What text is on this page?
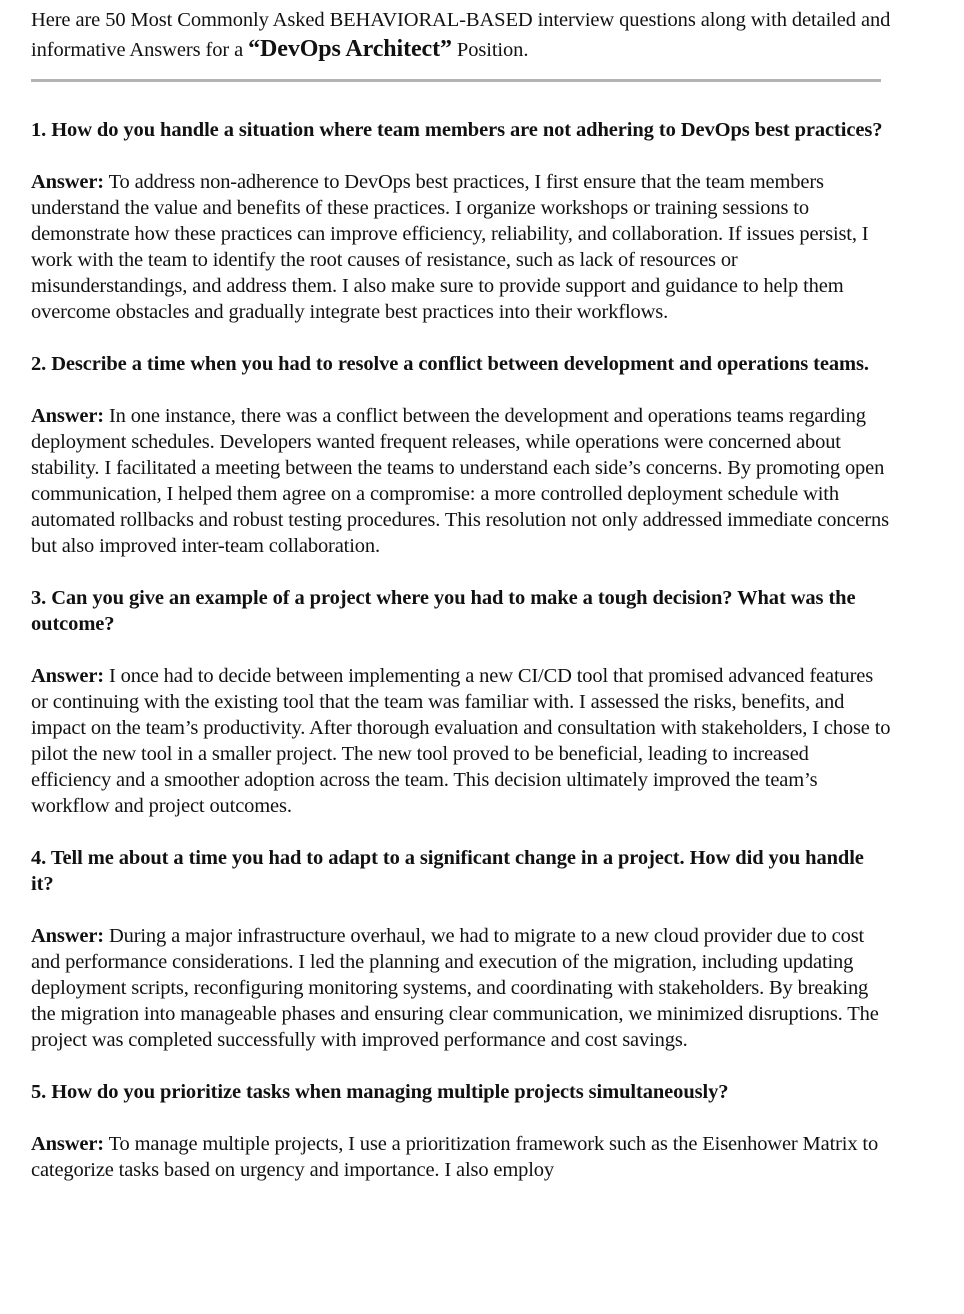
Here are 50 Most Commonly Asked BEHAVIORAL-BASED interview questions along with detailed and informative Answers for a “DevOps Architect” Position.

1. How do you handle a situation where team members are not adhering to DevOps best practices?

Answer: To address non-adherence to DevOps best practices, I first ensure that the team members understand the value and benefits of these practices. I organize workshops or training sessions to demonstrate how these practices can improve efficiency, reliability, and collaboration. If issues persist, I work with the team to identify the root causes of resistance, such as lack of resources or misunderstandings, and address them. I also make sure to provide support and guidance to help them overcome obstacles and gradually integrate best practices into their workflows.

2. Describe a time when you had to resolve a conflict between development and operations teams.

Answer: In one instance, there was a conflict between the development and operations teams regarding deployment schedules. Developers wanted frequent releases, while operations were concerned about stability. I facilitated a meeting between the teams to understand each side’s concerns. By promoting open communication, I helped them agree on a compromise: a more controlled deployment schedule with automated rollbacks and robust testing procedures. This resolution not only addressed immediate concerns but also improved inter-team collaboration.

3. Can you give an example of a project where you had to make a tough decision? What was the outcome?

Answer: I once had to decide between implementing a new CI/CD tool that promised advanced features or continuing with the existing tool that the team was familiar with. I assessed the risks, benefits, and impact on the team’s productivity. After thorough evaluation and consultation with stakeholders, I chose to pilot the new tool in a smaller project. The new tool proved to be beneficial, leading to increased efficiency and a smoother adoption across the team. This decision ultimately improved the team’s workflow and project outcomes.

4. Tell me about a time you had to adapt to a significant change in a project. How did you handle it?

Answer: During a major infrastructure overhaul, we had to migrate to a new cloud provider due to cost and performance considerations. I led the planning and execution of the migration, including updating deployment scripts, reconfiguring monitoring systems, and coordinating with stakeholders. By breaking the migration into manageable phases and ensuring clear communication, we minimized disruptions. The project was completed successfully with improved performance and cost savings.

5. How do you prioritize tasks when managing multiple projects simultaneously?

Answer: To manage multiple projects, I use a prioritization framework such as the Eisenhower Matrix to categorize tasks based on urgency and importance. I also employ
